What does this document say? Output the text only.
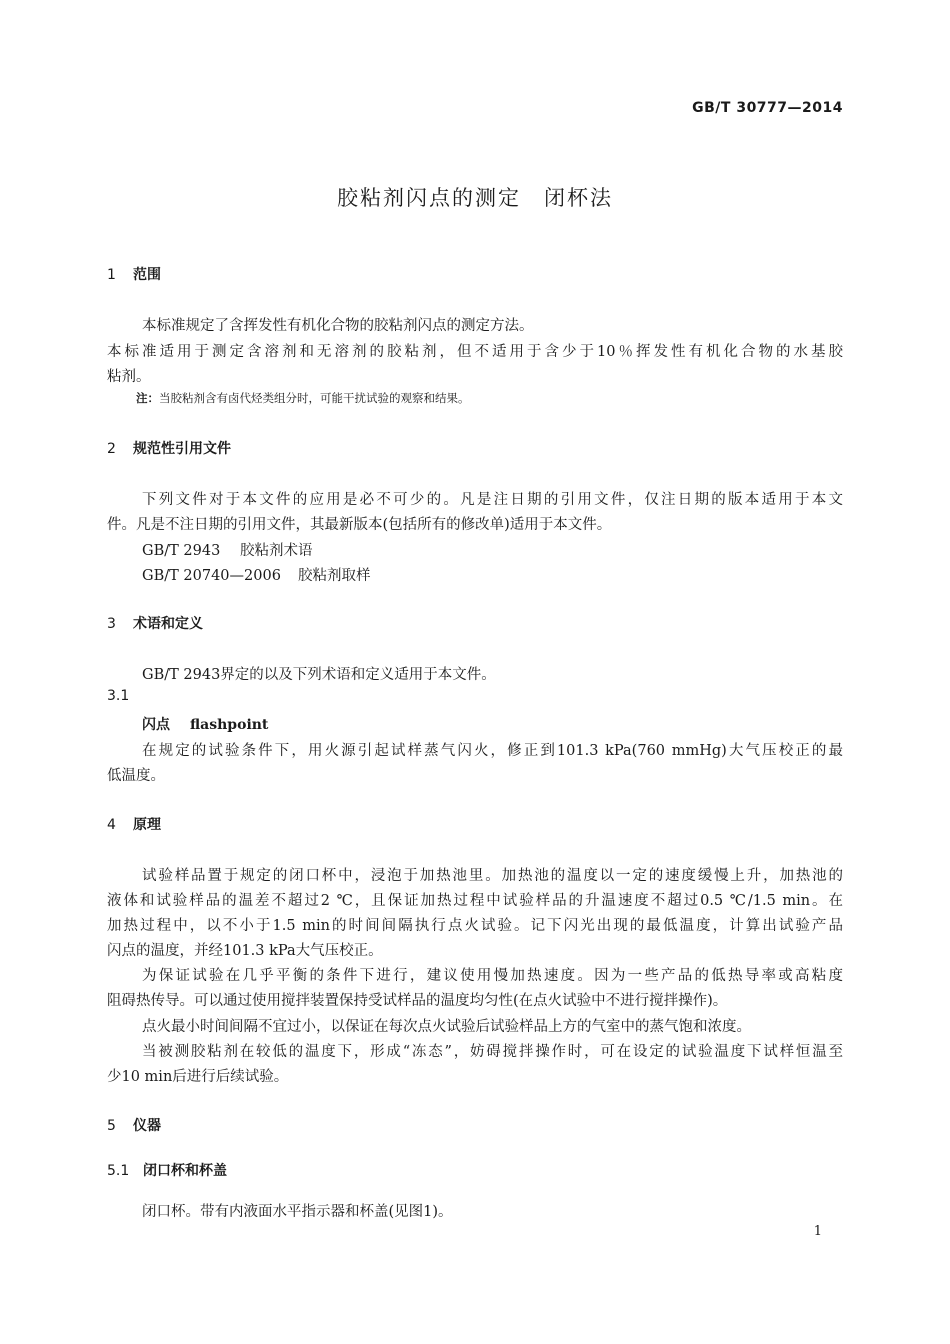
GB/T 30777—2014
胶粘剂闪点的测定　闭杯法
1 范围
本标准规定了含挥发性有机化合物的胶粘剂闪点的测定方法。
本标准适用于测定含溶剂和无溶剂的胶粘剂，但不适用于含少于10％挥发性有机化合物的水基胶
粘剂。
注：当胶粘剂含有卤代烃类组分时，可能干扰试验的观察和结果。
2 规范性引用文件
下列文件对于本文件的应用是必不可少的。凡是注日期的引用文件，仅注日期的版本适用于本文
件。凡是不注日期的引用文件，其最新版本(包括所有的修改单)适用于本文件。
GB/T 2943 胶粘剂术语
GB/T 20740—2006 胶粘剂取样
3 术语和定义
GB/T 2943界定的以及下列术语和定义适用于本文件。
3.1
闪点 flashpoint
在规定的试验条件下，用火源引起试样蒸气闪火，修正到101.3 kPa(760 mmHg)大气压校正的最
低温度。
4 原理
试验样品置于规定的闭口杯中，浸泡于加热池里。加热池的温度以一定的速度缓慢上升，加热池的
液体和试验样品的温差不超过2 ℃，且保证加热过程中试验样品的升温速度不超过0.5 ℃/1.5 min。在
加热过程中，以不小于1.5 min的时间间隔执行点火试验。记下闪光出现的最低温度，计算出试验产品
闪点的温度，并经101.3 kPa大气压校正。
为保证试验在几乎平衡的条件下进行，建议使用慢加热速度。因为一些产品的低热导率或高粘度
阻碍热传导。可以通过使用搅拌装置保持受试样品的温度均匀性(在点火试验中不进行搅拌操作)。
点火最小时间间隔不宜过小，以保证在每次点火试验后试验样品上方的气室中的蒸气饱和浓度。
当被测胶粘剂在较低的温度下，形成“冻态”，妨碍搅拌操作时，可在设定的试验温度下试样恒温至
少10 min后进行后续试验。
5 仪器
5.1 闭口杯和杯盖
闭口杯。带有内液面水平指示器和杯盖(见图1)。
1
